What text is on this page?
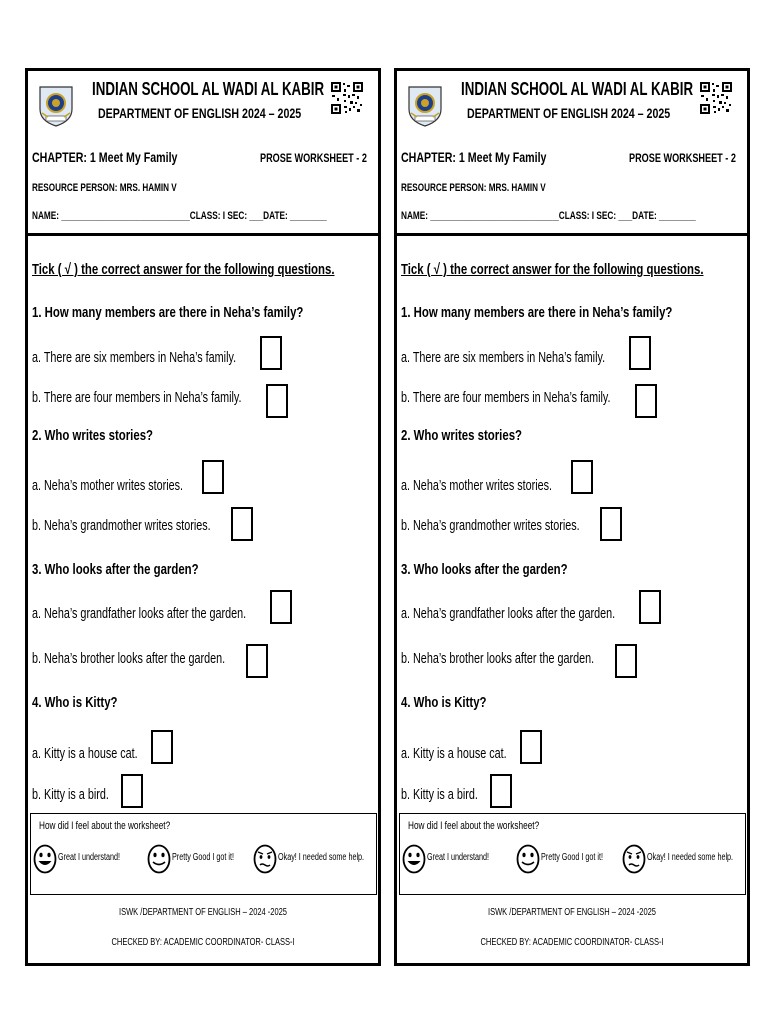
INDIAN SCHOOL AL WADI AL KABIR
DEPARTMENT OF ENGLISH 2024 – 2025
CHAPTER: 1 Meet My Family	PROSE WORKSHEET - 2
RESOURCE PERSON: MRS. HAMIN V
NAME: ____________________________CLASS: I SEC: ___DATE: ________
Tick ( √ ) the correct answer for the following questions.
1. How many members are there in Neha’s family?
a. There are six members in Neha’s family.
b. There are four members in Neha’s family.
2. Who writes stories?
a. Neha’s mother writes stories.
b. Neha’s grandmother writes stories.
3. Who looks after the garden?
a. Neha’s grandfather looks after the garden.
b. Neha’s brother looks after the garden.
4. Who is Kitty?
a. Kitty is a house cat.
b. Kitty is a bird.
How did I feel about the worksheet?
Great I understand!	Pretty Good I got it!	Okay! I needed some help.
ISWK /DEPARTMENT OF ENGLISH – 2024 -2025
CHECKED BY: ACADEMIC COORDINATOR- CLASS-I
INDIAN SCHOOL AL WADI AL KABIR
DEPARTMENT OF ENGLISH 2024 – 2025
CHAPTER: 1 Meet My Family	PROSE WORKSHEET - 2
RESOURCE PERSON: MRS. HAMIN V
NAME: ____________________________CLASS: I SEC: ___DATE: ________
Tick ( √ ) the correct answer for the following questions.
1. How many members are there in Neha’s family?
a. There are six members in Neha’s family.
b. There are four members in Neha’s family.
2. Who writes stories?
a. Neha’s mother writes stories.
b. Neha’s grandmother writes stories.
3. Who looks after the garden?
a. Neha’s grandfather looks after the garden.
b. Neha’s brother looks after the garden.
4. Who is Kitty?
a. Kitty is a house cat.
b. Kitty is a bird.
How did I feel about the worksheet?
Great I understand!	Pretty Good I got it!	Okay! I needed some help.
ISWK /DEPARTMENT OF ENGLISH – 2024 -2025
CHECKED BY: ACADEMIC COORDINATOR- CLASS-I
